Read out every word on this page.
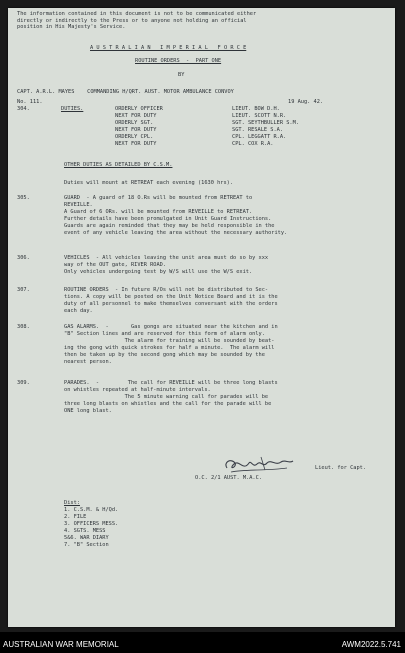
The information contained in this document is not to be communicated either
directly or indirectly to the Press or to anyone not holding an official
position in His Majesty's Service.
A U S T R A L I A N   I M P E R I A L   F O R C E
ROUTINE ORDERS  -  PART ONE
BY
CAPT. A.R.L. MAYES    COMMANDING H/QRT. AUST. MOTOR AMBULANCE CONVOY
No. 111.	19 Aug. 42.
304.	DUTIES.	ORDERLY OFFICER	LIEUT. BOW D.H.
NEXT FOR DUTY	LIEUT. SCOTT N.R.
ORDERLY SGT.	SGT. SEYTHBULLER S.M.
NEXT FOR DUTY	SGT. RESALE S.A.
ORDERLY CPL.	CPL. LEGGATT R.A.
NEXT FOR DUTY	CPL. COX R.A.
OTHER DUTIES AS DETAILED BY C.S.M.
Duties will mount at RETREAT each evening (1630 hrs).
305.	GUARD  - A guard of 18 O.Rs will be mounted from RETREAT to
REVEILLE.
A Guard of 6 ORs. will be mounted from REVEILLE to RETREAT.
Further details have been promulgated in Unit Guard Instructions.
Guards are again reminded that they may be held responsible in the
event of any vehicle leaving the area without the necessary authority.
306.	VEHICLES  - All vehicles leaving the unit area must do so by xxx
way of the OUT gate, RIVER ROAD.
Only vehicles undergoing test by W/S will use the W/S exit.
307.	ROUTINE ORDERS  - In future R/Os will not be distributed to Sec-
tions. A copy will be posted on the Unit Notice Board and it is the
duty of all personnel to make themselves conversant with the orders
each day.
308.	GAS ALARMS.  -       Gas gongs are situated near the kitchen and in
"B" Section lines and are reserved for this form of alarm only.
The alarm for training will be sounded by beat-
ing the gong with quick strokes for half a minute.  The alarm will
then be taken up by the second gong which may be sounded by the
nearest person.
309.	PARADES.  -         The call for REVEILLE will be three long blasts
on whistles repeated at half-minute intervals.
The 5 minute warning call for parades will be
three long blasts on whistles and the call for the parade will be
ONE long blast.
Lieut. for Capt.
O.C. 2/1 AUST. M.A.C.
Dist:
1. C.S.M. & H/Qd.
2. FILE
3. OFFICERS MESS.
4. SGTS. MESS
5&6. WAR DIARY
7. "B" Section
AUSTRALIAN WAR MEMORIAL	AWM2022.5.741
